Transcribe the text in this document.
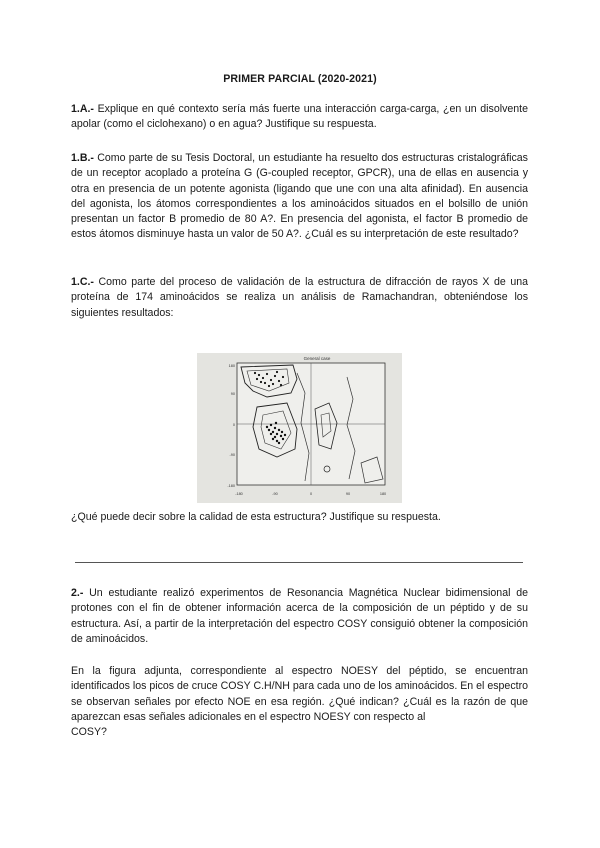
PRIMER PARCIAL (2020-2021)
1.A.- Explique en qué contexto sería más fuerte una interacción carga-carga, ¿en un disolvente apolar (como el ciclohexano) o en agua? Justifique su respuesta.
1.B.- Como parte de su Tesis Doctoral, un estudiante ha resuelto dos estructuras cristalográficas de un receptor acoplado a proteína G (G-coupled receptor, GPCR), una de ellas en ausencia y otra en presencia de un potente agonista (ligando que une con una alta afinidad). En ausencia del agonista, los átomos correspondientes a los aminoácidos situados en el bolsillo de unión presentan un factor B promedio de 80 A?. En presencia del agonista, el factor B promedio de estos átomos disminuye hasta un valor de 50 A?. ¿Cuál es su interpretación de este resultado?
1.C.- Como parte del proceso de validación de la estructura de difracción de rayos X de una proteína de 174 aminoácidos se realiza un análisis de Ramachandran, obteniéndose los siguientes resultados:
General case
180
90
0
-90
-180
-180	-90	0	90	180
¿Qué puede decir sobre la calidad de esta estructura? Justifique su respuesta.
2.- Un estudiante realizó experimentos de Resonancia Magnética Nuclear bidimensional de protones con el fin de obtener información acerca de la composición de un péptido y de su estructura. Así, a partir de la interpretación del espectro COSY consiguió obtener la composición de aminoácidos.
En la figura adjunta, correspondiente al espectro NOESY del péptido, se encuentran identificados los picos de cruce COSY C.H/NH para cada uno de los aminoácidos. En el espectro se observan señales por efecto NOE en esa región. ¿Qué indican? ¿Cuál es la razón de que aparezcan esas señales adicionales en el espectro NOESY con respecto al
COSY?
